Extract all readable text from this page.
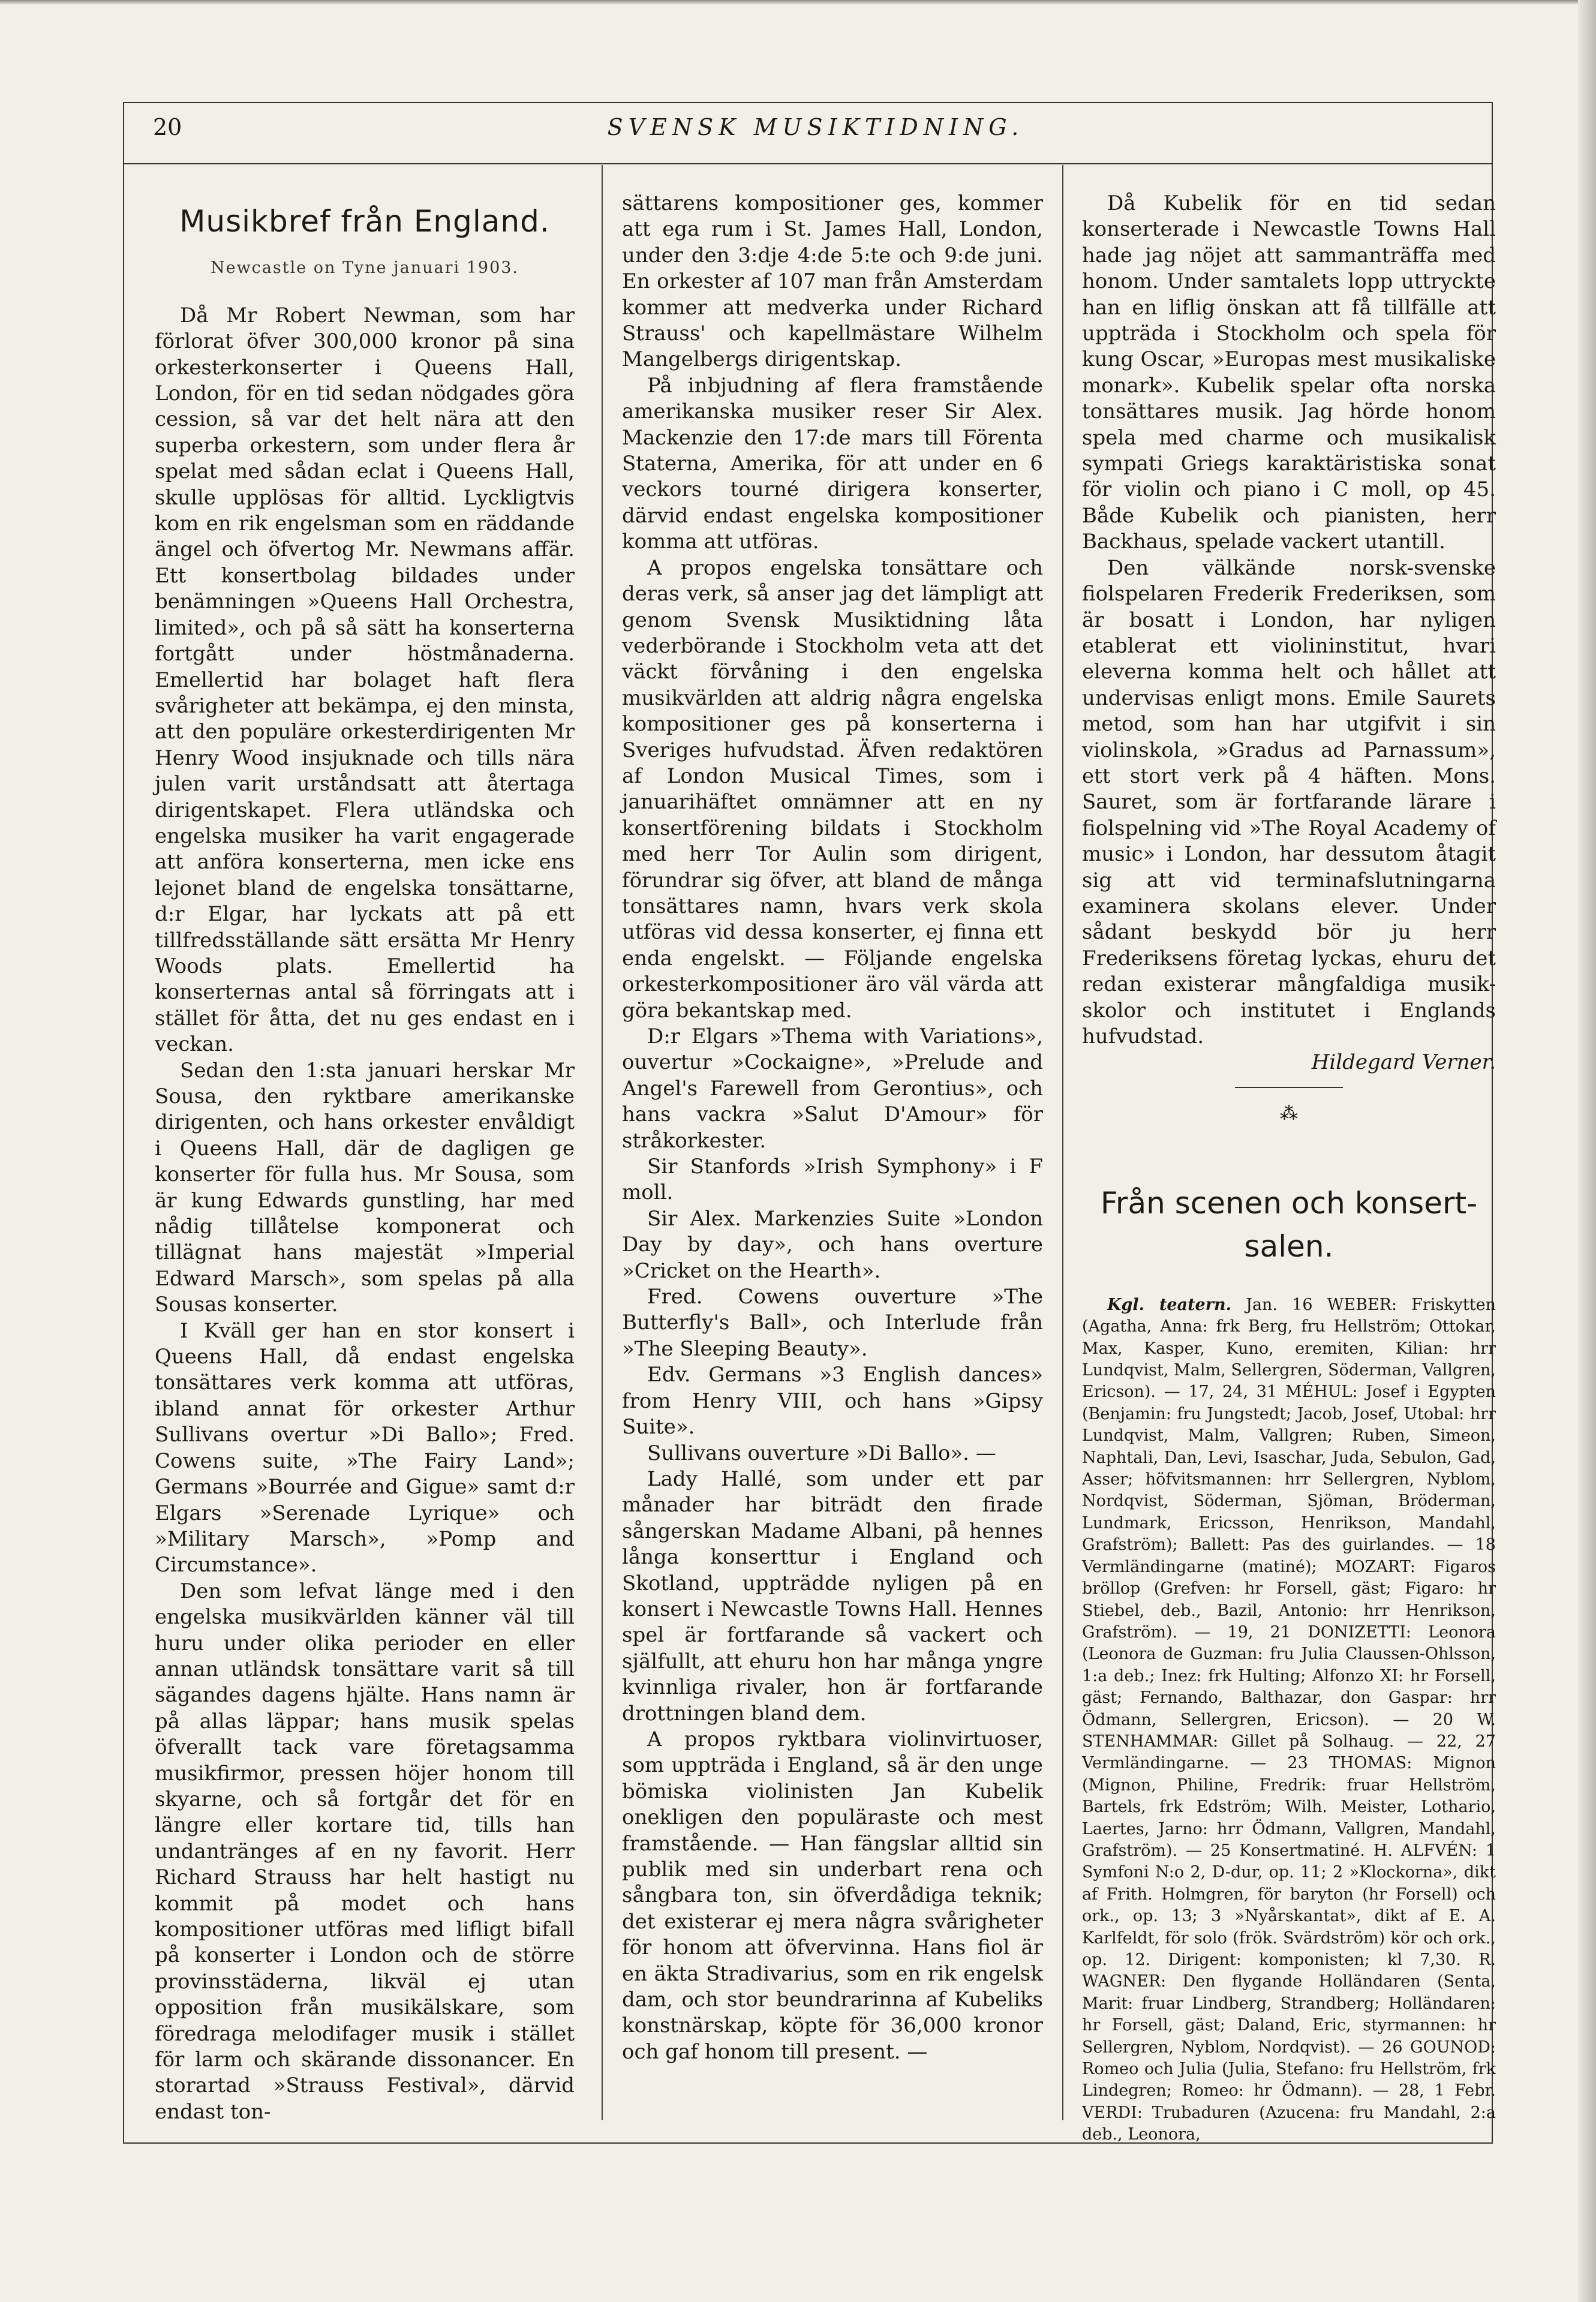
20	SVENSK MUSIKTIDNING.
Musikbref från England.
Newcastle on Tyne januari 1903.

Då Mr Robert Newman, som har förlorat öfver 300,000 kronor på sina orkesterkonserter i Queens Hall, London, för en tid sedan nödgades göra cession, så var det helt nära att den superba orkestern, som under flera år spelat med sådan eclat i Queens Hall, skulle upplösas för alltid. Lyckligtvis kom en rik engelsman som en räddande ängel och öfvertog Mr. Newmans affär. Ett konsertbolag bildades under benämningen »Queens Hall Orchestra, limited», och på så sätt ha konserterna fortgått under höstmånaderna. Emellertid har bolaget haft flera svårigheter att bekämpa, ej den minsta, att den populäre orkesterdirigenten Mr Henry Wood insjuknade och tills nära julen varit urståndsatt att återtaga dirigentskapet. Flera utländska och engelska musiker ha varit engagerade att anföra konserterna, men icke ens lejonet bland de engelska tonsättarne, d:r Elgar, har lyckats att på ett tillfredsställande sätt ersätta Mr Henry Woods plats. Emellertid ha konserternas antal så förringats att i stället för åtta, det nu ges endast en i veckan.

Sedan den 1:sta januari herskar Mr Sousa, den ryktbare amerikanske dirigenten, och hans orkester envåldigt i Queens Hall, där de dagligen ge konserter för fulla hus. Mr Sousa, som är kung Edwards gunstling, har med nådig tillåtelse komponerat och tillägnat hans majestät »Imperial Edward Marsch», som spelas på alla Sousas konserter.

I Kväll ger han en stor konsert i Queens Hall, då endast engelska tonsättares verk komma att utföras, ibland annat för orkester Arthur Sullivans overtur »Di Ballo»; Fred. Cowens suite, »The Fairy Land»; Germans »Bourrée and Gigue» samt d:r Elgars »Serenade Lyrique» och »Military Marsch», »Pomp and Circumstance».

Den som lefvat länge med i den engelska musikvärlden känner väl till huru under olika perioder en eller annan utländsk tonsättare varit så till sägandes dagens hjälte. Hans namn är på allas läppar; hans musik spelas öfverallt tack vare företagsamma musikfirmor, pressen höjer honom till skyarne, och så fortgår det för en längre eller kortare tid, tills han undantränges af en ny favorit. Herr Richard Strauss har helt hastigt nu kommit på modet och hans kompositioner utföras med lifligt bifall på konserter i London och de större provinsstäderna, likväl ej utan opposition från musikälskare, som föredraga melodifager musik i stället för larm och skärande dissonancer. En storartad »Strauss Festival», därvid endast ton-

sättarens kompositioner ges, kommer att ega rum i St. James Hall, London, under den 3:dje 4:de 5:te och 9:de juni. En orkester af 107 man från Amsterdam kommer att medverka under Richard Strauss' och kapellmästare Wilhelm Mangelbergs dirigentskap.

På inbjudning af flera framstående amerikanska musiker reser Sir Alex. Mackenzie den 17:de mars till Förenta Staterna, Amerika, för att under en 6 veckors tourné dirigera konserter, därvid endast engelska kompositioner komma att utföras.

A propos engelska tonsättare och deras verk, så anser jag det lämpligt att genom Svensk Musiktidning låta vederbörande i Stockholm veta att det väckt förvåning i den engelska musikvärlden att aldrig några engelska kompositioner ges på konserterna i Sveriges hufvudstad. Äfven redaktören af London Musical Times, som i januarihäftet omnämner att en ny konsertförening bildats i Stockholm med herr Tor Aulin som dirigent, förundrar sig öfver, att bland de många tonsättares namn, hvars verk skola utföras vid dessa konserter, ej finna ett enda engelskt. — Följande engelska orkesterkompositioner äro väl värda att göra bekantskap med.

D:r Elgars »Thema with Variations», ouvertur »Cockaigne», »Prelude and Angel's Farewell from Gerontius», och hans vackra »Salut D'Amour» för stråkorkester.

Sir Stanfords »Irish Symphony» i F moll.

Sir Alex. Markenzies Suite »London Day by day», och hans overture »Cricket on the Hearth».

Fred. Cowens ouverture »The Butterfly's Ball», och Interlude från »The Sleeping Beauty».

Edv. Germans »3 English dances» from Henry VIII, och hans »Gipsy Suite».

Sullivans ouverture »Di Ballo». —

Lady Hallé, som under ett par månader har biträdt den firade sångerskan Madame Albani, på hennes långa konserttur i England och Skotland, uppträdde nyligen på en konsert i Newcastle Towns Hall. Hennes spel är fortfarande så vackert och själfullt, att ehuru hon har många yngre kvinnliga rivaler, hon är fortfarande drottningen bland dem.

A propos ryktbara violinvirtuoser, som uppträda i England, så är den unge bömiska violinisten Jan Kubelik onekligen den populäraste och mest framstående. — Han fängslar alltid sin publik med sin underbart rena och sångbara ton, sin öfverdådiga teknik; det existerar ej mera några svårigheter för honom att öfvervinna. Hans fiol är en äkta Stradivarius, som en rik engelsk dam, och stor beundrarinna af Kubeliks konstnärskap, köpte för 36,000 kronor och gaf honom till present. —

Då Kubelik för en tid sedan konserterade i Newcastle Towns Hall hade jag nöjet att sammanträffa med honom. Under samtalets lopp uttryckte han en liflig önskan att få tillfälle att uppträda i Stockholm och spela för kung Oscar, »Europas mest musikaliske monark». Kubelik spelar ofta norska tonsättares musik. Jag hörde honom spela med charme och musikalisk sympati Griegs karaktäristiska sonat för violin och piano i C moll, op 45. Både Kubelik och pianisten, herr Backhaus, spelade vackert utantill.

Den välkände norsk-svenske fiolspelaren Frederik Frederiksen, som är bosatt i London, har nyligen etablerat ett violininstitut, hvari eleverna komma helt och hållet att undervisas enligt mons. Emile Saurets metod, som han har utgifvit i sin violinskola, »Gradus ad Parnassum», ett stort verk på 4 häften. Mons. Sauret, som är fortfarande lärare i fiolspelning vid »The Royal Academy of music» i London, har dessutom åtagit sig att vid terminafslutningarna examinera skolans elever. Under sådant beskydd bör ju herr Frederiksens företag lyckas, ehuru det redan existerar mångfaldiga musik-skolor och institutet i Englands hufvudstad.

Hildegard Verner.

⁂
Från scenen och konsert-salen.

Kgl. teatern. Jan. 16 WEBER: Friskytten (Agatha, Anna: frk Berg, fru Hellström; Ottokar, Max, Kasper, Kuno, eremiten, Kilian: hrr Lundqvist, Malm, Sellergren, Söderman, Vallgren, Ericson). — 17, 24, 31 MÉHUL: Josef i Egypten (Benjamin: fru Jungstedt; Jacob, Josef, Utobal: hrr Lundqvist, Malm, Vallgren; Ruben, Simeon, Naphtali, Dan, Levi, Isaschar, Juda, Sebulon, Gad, Asser; höfvitsmannen: hrr Sellergren, Nyblom, Nordqvist, Söderman, Sjöman, Bröderman, Lundmark, Ericsson, Henrikson, Mandahl, Grafström); Ballett: Pas des guirlandes. — 18 Vermländingarne (matiné); MOZART: Figaros bröllop (Grefven: hr Forsell, gäst; Figaro: hr Stiebel, deb., Bazil, Antonio: hrr Henrikson, Grafström). — 19, 21 DONIZETTI: Leonora (Leonora de Guzman: fru Julia Claussen-Ohlsson, 1:a deb.; Inez: frk Hulting; Alfonzo XI: hr Forsell, gäst; Fernando, Balthazar, don Gaspar: hrr Ödmann, Sellergren, Ericson). — 20 W. STENHAMMAR: Gillet på Solhaug. — 22, 27 Vermländingarne. — 23 THOMAS: Mignon (Mignon, Philine, Fredrik: fruar Hellström, Bartels, frk Edström; Wilh. Meister, Lothario, Laertes, Jarno: hrr Ödmann, Vallgren, Mandahl, Grafström). — 25 Konsertmatiné. H. ALFVÉN: 1 Symfoni N:o 2, D-dur, op. 11; 2 »Klockorna», dikt af Frith. Holmgren, för baryton (hr Forsell) och ork., op. 13; 3 »Nyårskantat», dikt af E. A. Karlfeldt, för solo (frök. Svärdström) kör och ork., op. 12. Dirigent: komponisten; kl 7,30. R. WAGNER: Den flygande Holländaren (Senta, Marit: fruar Lindberg, Strandberg; Holländaren: hr Forsell, gäst; Daland, Eric, styrmannen: hr Sellergren, Nyblom, Nordqvist). — 26 GOUNOD: Romeo och Julia (Julia, Stefano: fru Hellström, frk Lindegren; Romeo: hr Ödmann). — 28, 1 Febr. VERDI: Trubaduren (Azucena: fru Mandahl, 2:a deb., Leonora,
